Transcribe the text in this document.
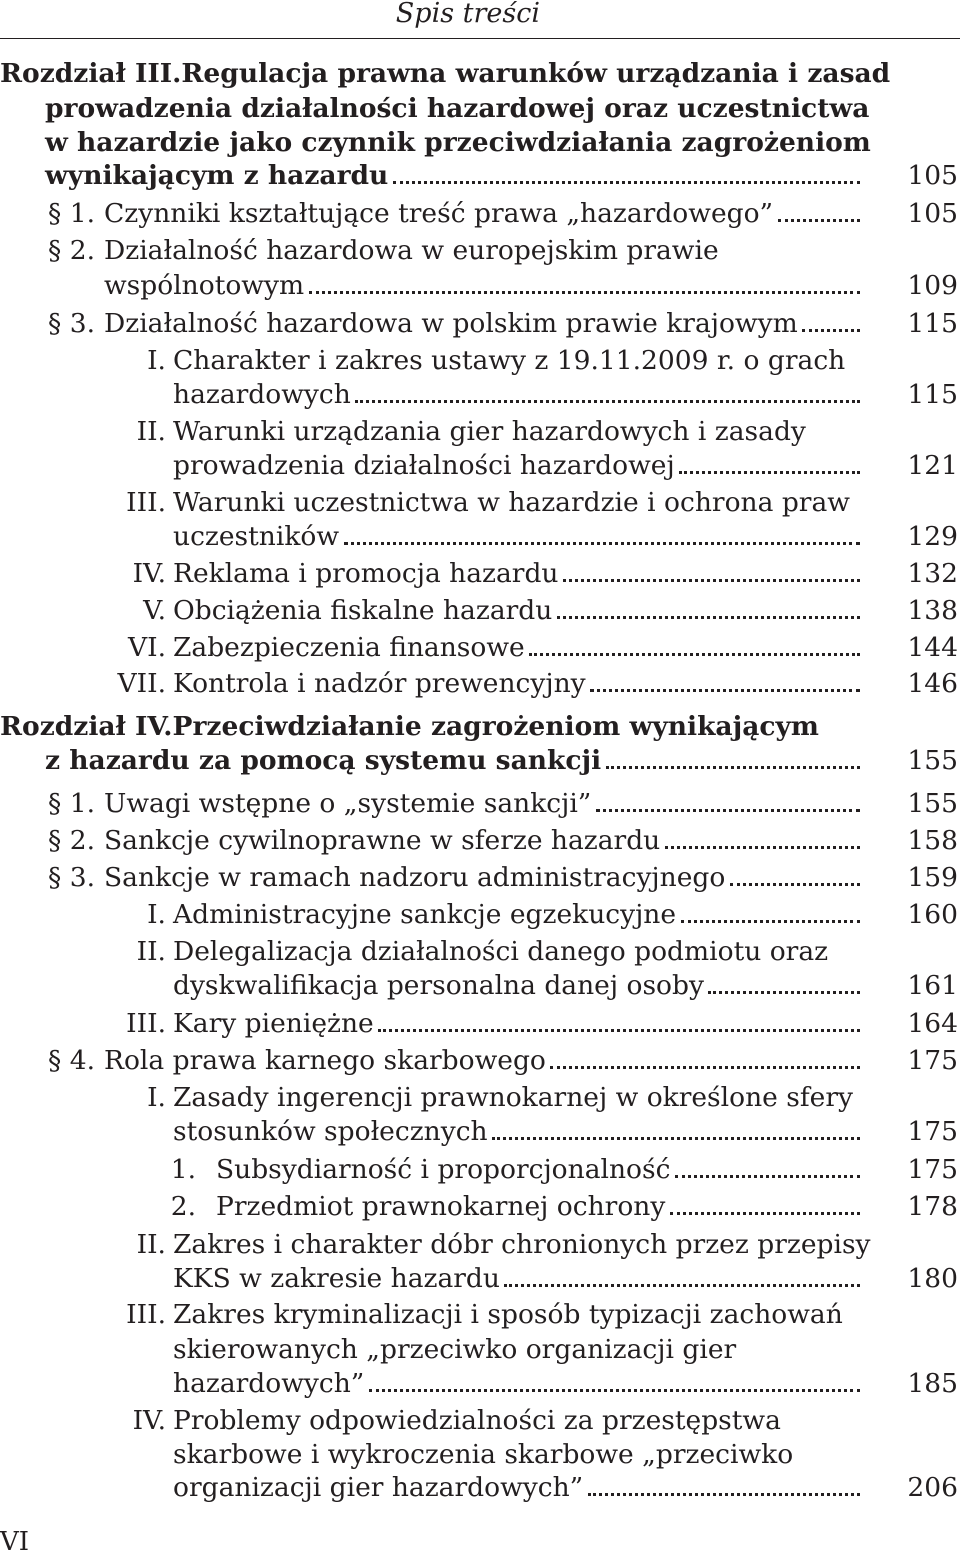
Spis treści
Rozdział III. Regulacja prawna warunków urządzania i zasad
prowadzenia działalności hazardowej oraz uczestnictwa
w hazardzie jako czynnik przeciwdziałania zagrożeniom
wynikającym z hazardu	105
§ 1. Czynniki kształtujące treść prawa „hazardowego”	105
§ 2. Działalność hazardowa w europejskim prawie
wspólnotowym	109
§ 3. Działalność hazardowa w polskim prawie krajowym	115
I. Charakter i zakres ustawy z 19.11.2009 r. o grach
hazardowych	115
II. Warunki urządzania gier hazardowych i zasady
prowadzenia działalności hazardowej	121
III. Warunki uczestnictwa w hazardzie i ochrona praw
uczestników	129
IV. Reklama i promocja hazardu	132
V. Obciążenia fiskalne hazardu	138
VI. Zabezpieczenia finansowe	144
VII. Kontrola i nadzór prewencyjny	146
Rozdział IV. Przeciwdziałanie zagrożeniom wynikającym
z hazardu za pomocą systemu sankcji	155
§ 1. Uwagi wstępne o „systemie sankcji”	155
§ 2. Sankcje cywilnoprawne w sferze hazardu	158
§ 3. Sankcje w ramach nadzoru administracyjnego	159
I. Administracyjne sankcje egzekucyjne	160
II. Delegalizacja działalności danego podmiotu oraz
dyskwalifikacja personalna danej osoby	161
III. Kary pieniężne	164
§ 4. Rola prawa karnego skarbowego	175
I. Zasady ingerencji prawnokarnej w określone sfery
stosunków społecznych	175
1. Subsydiarność i proporcjonalność	175
2. Przedmiot prawnokarnej ochrony	178
II. Zakres i charakter dóbr chronionych przez przepisy
KKS w zakresie hazardu	180
III. Zakres kryminalizacji i sposób typizacji zachowań
skierowanych „przeciwko organizacji gier
hazardowych”	185
IV. Problemy odpowiedzialności za przestępstwa
skarbowe i wykroczenia skarbowe „przeciwko
organizacji gier hazardowych”	206
VI
